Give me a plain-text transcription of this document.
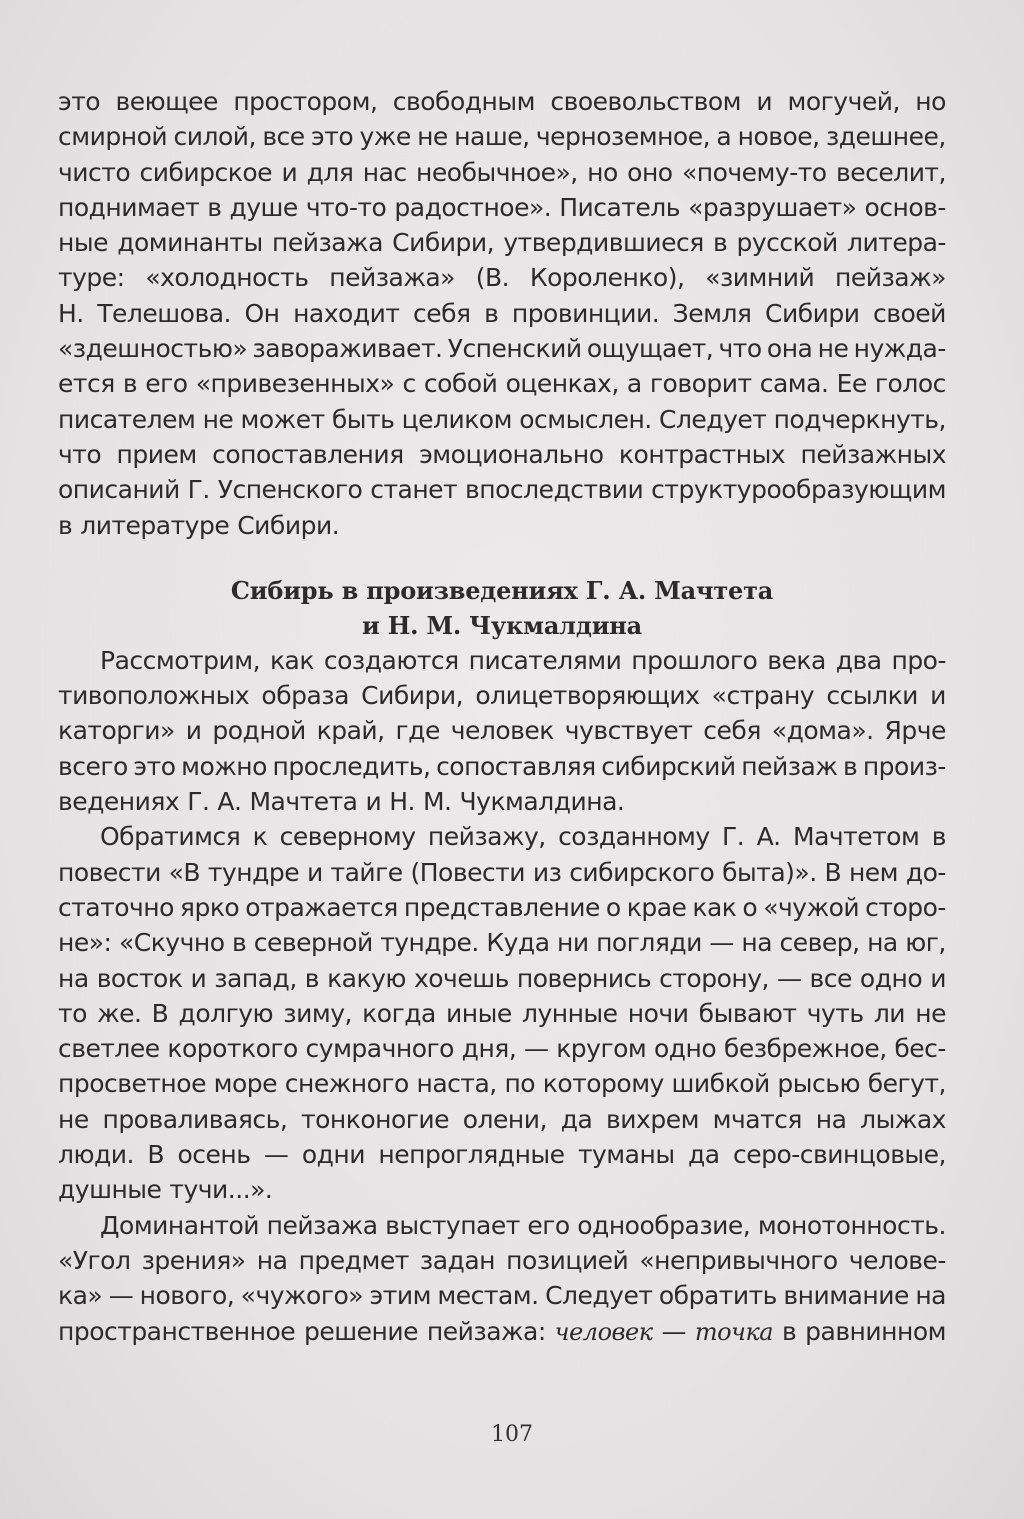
это веющее простором, свободным своевольством и могучей, но
смирной силой, все это уже не наше, черноземное, а новое, здешнее,
чисто сибирское и для нас необычное», но оно «почему-то веселит,
поднимает в душе что-то радостное». Писатель «разрушает» основ-
ные доминанты пейзажа Сибири, утвердившиеся в русской литера-
туре: «холодность пейзажа» (В. Короленко), «зимний пейзаж»
Н. Телешова. Он находит себя в провинции. Земля Сибири своей
«здешностью» завораживает. Успенский ощущает, что она не нужда-
ется в его «привезенных» с собой оценках, а говорит сама. Ее голос
писателем не может быть целиком осмыслен. Следует подчеркнуть,
что прием сопоставления эмоционально контрастных пейзажных
описаний Г. Успенского станет впоследствии структурообразующим
в литературе Сибири.
Сибирь в произведениях Г. А. Мачтета
и Н. М. Чукмалдина
Рассмотрим, как создаются писателями прошлого века два про-
тивоположных образа Сибири, олицетворяющих «страну ссылки и
каторги» и родной край, где человек чувствует себя «дома». Ярче
всего это можно проследить, сопоставляя сибирский пейзаж в произ-
ведениях Г. А. Мачтета и Н. М. Чукмалдина.
Обратимся к северному пейзажу, созданному Г. А. Мачтетом в
повести «В тундре и тайге (Повести из сибирского быта)». В нем до-
статочно ярко отражается представление о крае как о «чужой сторо-
не»: «Скучно в северной тундре. Куда ни погляди — на север, на юг,
на восток и запад, в какую хочешь повернись сторону, — все одно и
то же. В долгую зиму, когда иные лунные ночи бывают чуть ли не
светлее короткого сумрачного дня, — кругом одно безбрежное, бес-
просветное море снежного наста, по которому шибкой рысью бегут,
не проваливаясь, тонконогие олени, да вихрем мчатся на лыжах
люди. В осень — одни непроглядные туманы да серо-свинцовые,
душные тучи...».
Доминантой пейзажа выступает его однообразие, монотонность.
«Угол зрения» на предмет задан позицией «непривычного челове-
ка» — нового, «чужого» этим местам. Следует обратить внимание на
пространственное решение пейзажа: человек — точка в равнинном
107
